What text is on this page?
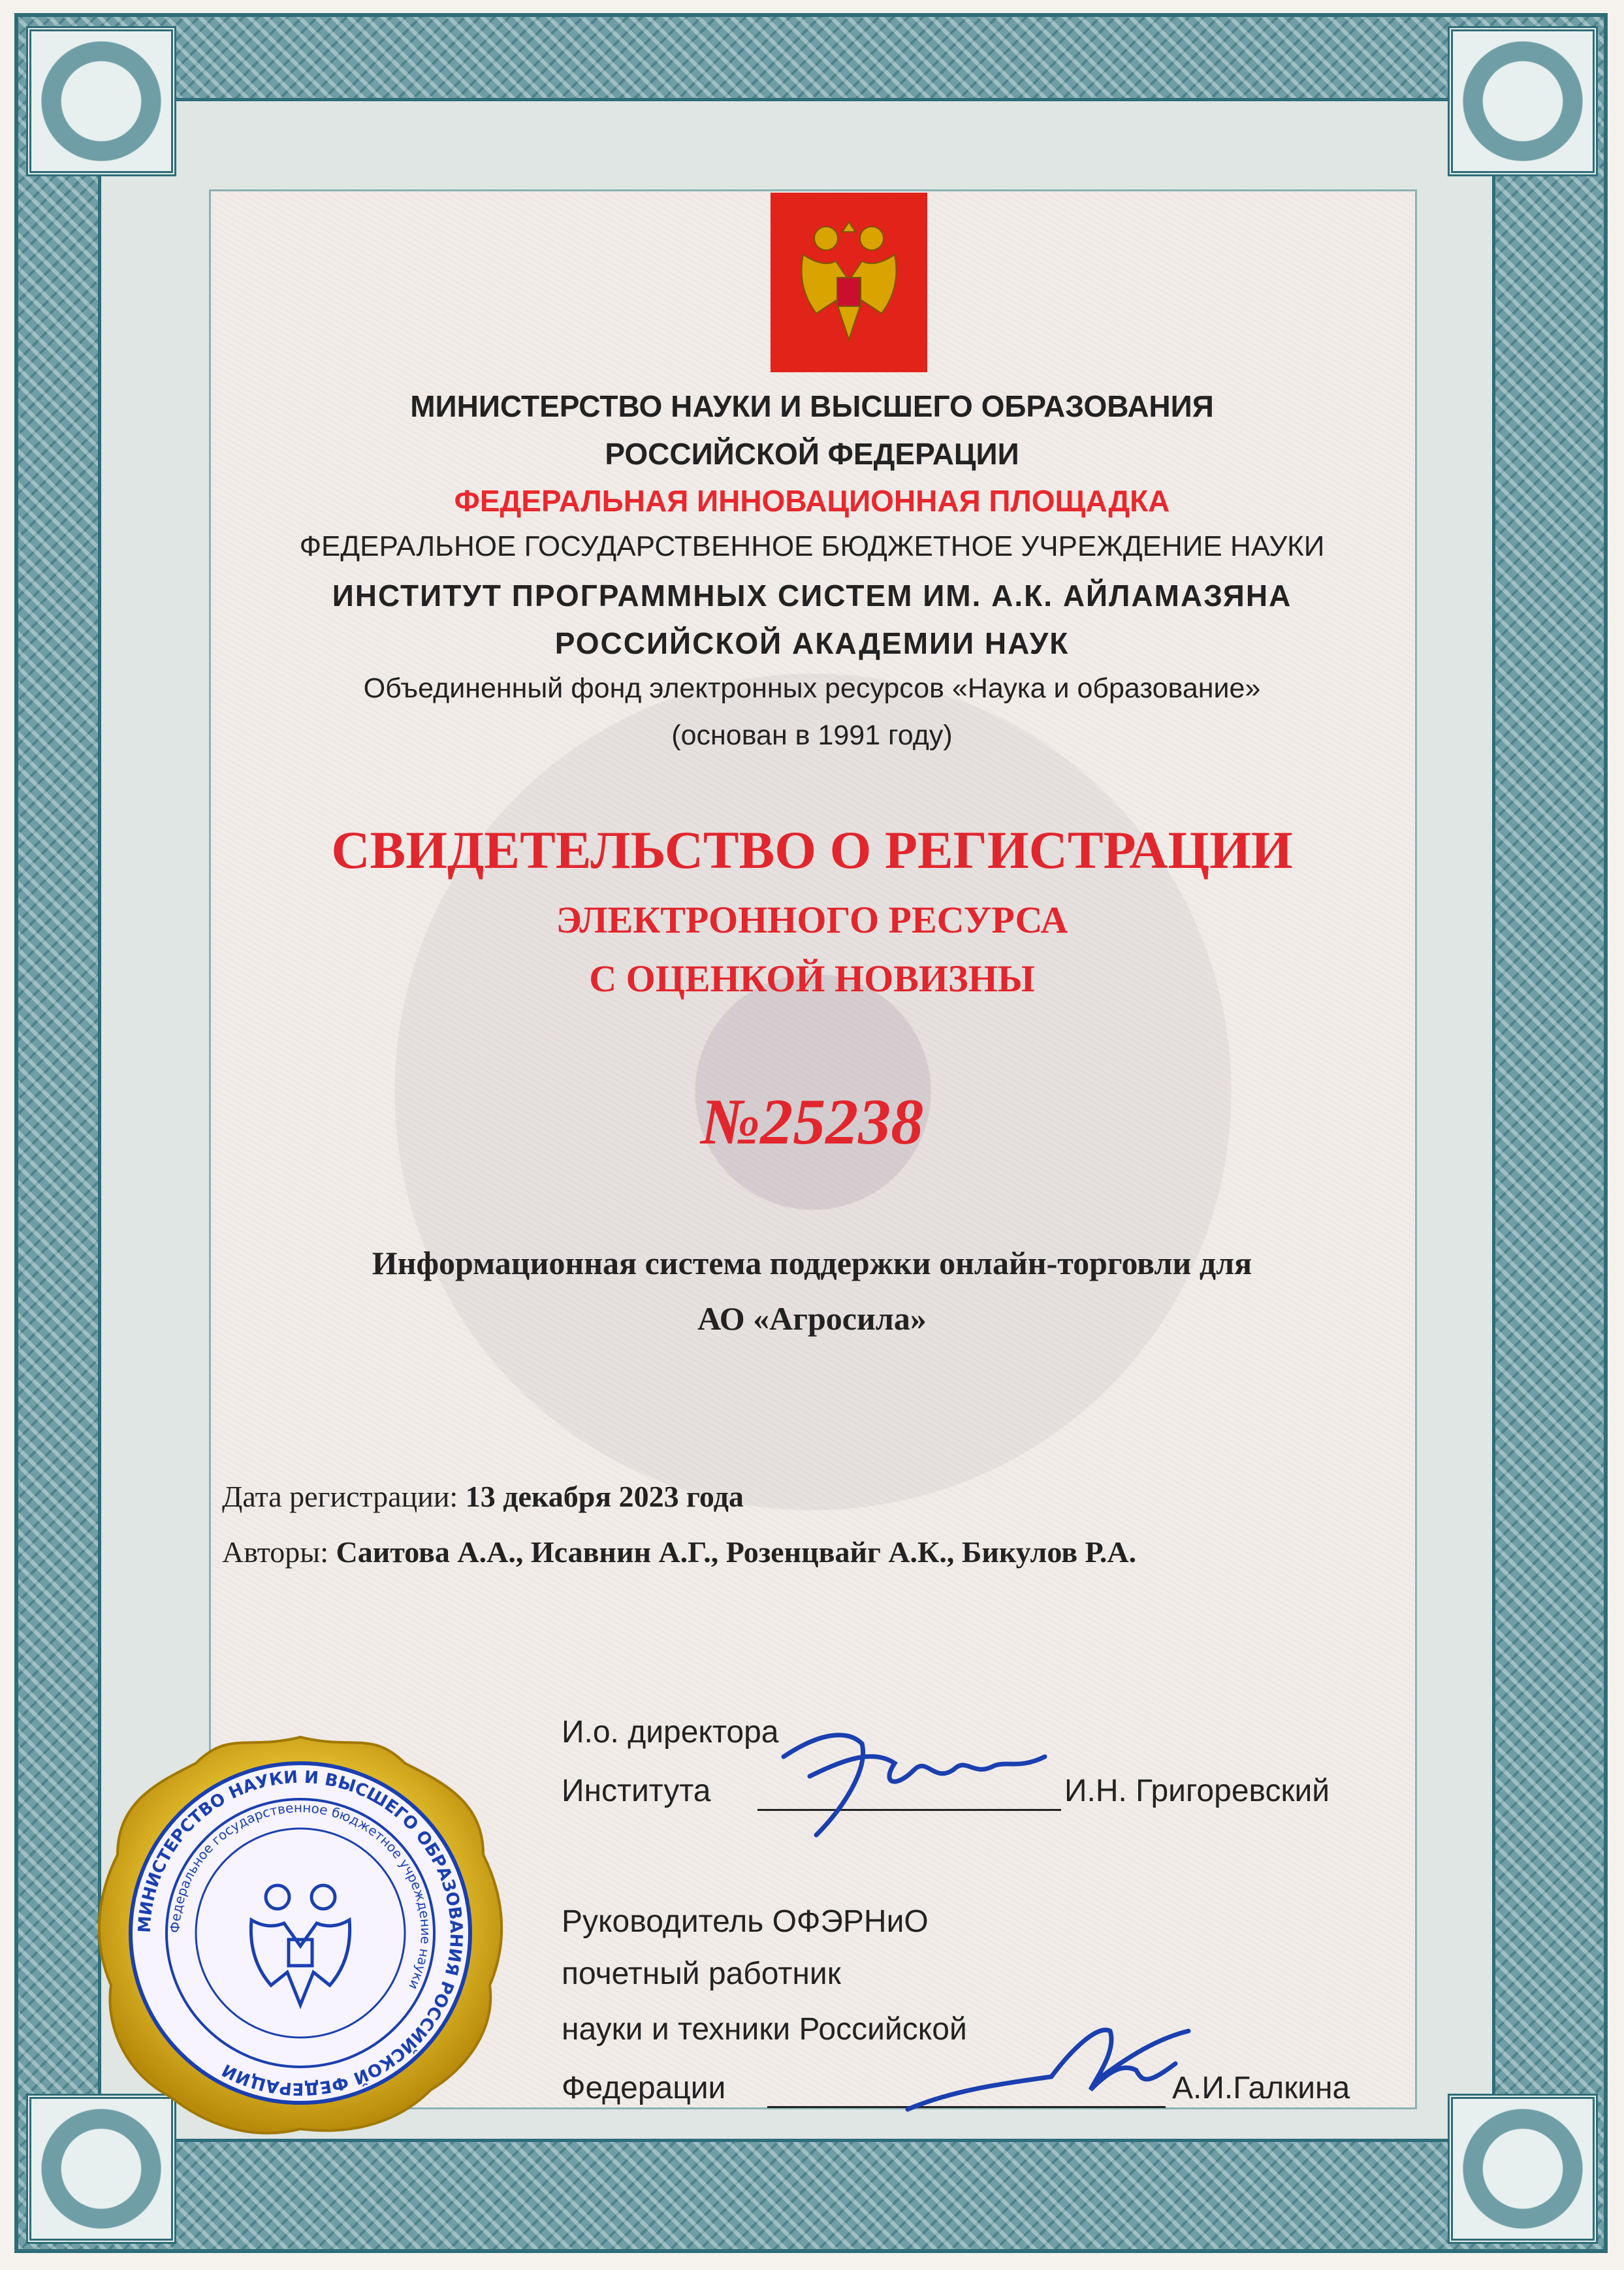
МИНИСТЕРСТВО НАУКИ И ВЫСШЕГО ОБРАЗОВАНИЯ
РОССИЙСКОЙ ФЕДЕРАЦИИ
ФЕДЕРАЛЬНАЯ ИННОВАЦИОННАЯ ПЛОЩАДКА
ФЕДЕРАЛЬНОЕ ГОСУДАРСТВЕННОЕ БЮДЖЕТНОЕ УЧРЕЖДЕНИЕ НАУКИ
ИНСТИТУТ ПРОГРАММНЫХ СИСТЕМ ИМ. А.К. АЙЛАМАЗЯНА
РОССИЙСКОЙ АКАДЕМИИ НАУК
Объединенный фонд электронных ресурсов «Наука и образование»
(основан в 1991 году)
СВИДЕТЕЛЬСТВО О РЕГИСТРАЦИИ
ЭЛЕКТРОННОГО РЕСУРСА
С ОЦЕНКОЙ НОВИЗНЫ
№25238
Информационная система поддержки онлайн-торговли для
АО «Агросила»
Дата регистрации: 13 декабря 2023 года
Авторы: Саитова А.А., Исавнин А.Г., Розенцвайг А.К., Бикулов Р.А.
И.о. директора
Института	И.Н. Григоревский
Руководитель ОФЭРНиО
почетный работник
науки и техники Российской
Федерации	А.И.Галкина
МИНИСТЕРСТВО НАУКИ И ВЫСШЕГО ОБРАЗОВАНИЯ РОССИЙСКОЙ ФЕДЕРАЦИИ
Федеральное государственное бюджетное учреждение науки
